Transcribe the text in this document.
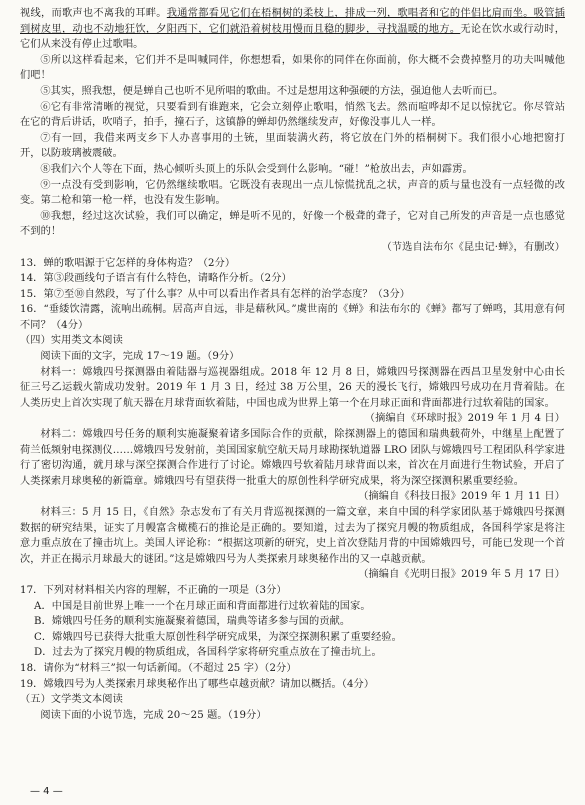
视线，而歌声也不离我的耳畔。我通常都看见它们在梧桐树的柔枝上，排成一列，歌唱者和它的伴侣比肩而坐。吸管插到树皮里，动也不动地狂饮，夕阳西下，它们就沿着树枝用慢而且稳的脚步，寻找温暖的地方。无论在饮水或行动时，它们从来没有停止过歌唱。

⑤所以这样看起来，它们并不是叫喊同伴，你想想看，如果你的同伴在你面前，你大概不会费掉整月的功夫叫喊他们吧！

⑤其实，照我想，便是蝉自己也听不见所唱的歌曲。不过是想用这种强硬的方法，强迫他人去听而已。

⑥它有非常清晰的视觉，只要看到有谁跑来，它会立刻停止歌唱，悄然飞去。然而喧哗却不足以惊扰它。你尽管站在它的背后讲话，吹哨子，拍手，撞石子，这镇静的蝉却仍然继续发声，好像没事儿人一样。

⑦有一回，我借来两支乡下人办喜事用的土铳，里面装满火药，将它放在门外的梧桐树下。我们很小心地把窗打开，以防玻璃被震破。

⑧我们六个人等在下面，热心倾听头顶上的乐队会受到什么影响。“碰！”枪放出去，声如霹雳。

⑨一点没有受到影响，它仍然继续歌唱。它既没有表现出一点儿惊慌扰乱之状，声音的质与量也没有一点轻微的改变。第二枪和第一枪一样，也没有发生影响。

⑩我想，经过这次试验，我们可以确定，蝉是听不见的，好像一个极聋的聋子，它对自己所发的声音是一点也感觉不到的！

（节选自法布尔《昆虫记·蝉》，有删改）

13．蝉的歌唱源于它怎样的身体构造？（2分）

14．第③段画线句子语言有什么特色，请略作分析。（2分）

15．第⑦至⑩自然段，写了什么事？从中可以看出作者具有怎样的治学态度？（3分）

16．“垂緌饮清露，流响出疏桐。居高声自远，非是藉秋风。”虞世南的《蝉》和法布尔的《蝉》都写了蝉鸣，其用意有何不同？（4分）

（四）实用类文本阅读

阅读下面的文字，完成 17～19 题。（9分）

材料一：嫦娥四号探测器由着陆器与巡视器组成。2018 年 12 月 8 日，嫦娥四号探测器在西昌卫星发射中心由长征三号乙运载火箭成功发射。2019 年 1 月 3 日，经过 38 万公里，26 天的漫长飞行，嫦娥四号成功在月背着陆。在人类历史上首次实现了航天器在月球背面软着陆，中国也成为世界上第一个在月球正面和背面都进行过软着陆的国家。

（摘编自《环球时报》2019 年 1 月 4 日）

材料二：嫦娥四号任务的顺利实施凝聚着诸多国际合作的贡献，除探测器上的德国和瑞典载荷外，中继星上配置了荷兰低频射电探测仪……嫦娥四号发射前，美国国家航空航天局月球勘探轨道器 LRO 团队与嫦娥四号工程团队科学家进行了密切沟通，就月球与深空探测合作进行了讨论。嫦娥四号软着陆月球背面以来，首次在月面进行生物试验，开启了人类探索月球奥秘的新篇章。嫦娥四号有望获得一批重大的原创性科学研究成果，将为深空探测积累重要经验。

（摘编自《科技日报》2019 年 1 月 11 日）

材料三：5 月 15 日，《自然》杂志发布了有关月背巡视探测的一篇文章，来自中国的科学家团队基于嫦娥四号探测数据的研究结果，证实了月幔富含橄榄石的推论是正确的。要知道，过去为了探究月幔的物质组成，各国科学家是将注意力重点放在了撞击坑上。美国人评论称：“根据这项新的研究，史上首次登陆月背的中国嫦娥四号，可能已发现一个首次，并正在揭示月球最大的谜团。”这是嫦娥四号为人类探索月球奥秘作出的又一卓越贡献。

（摘编自《光明日报》2019 年 5 月 17 日）

17．下列对材料相关内容的理解，不正确的一项是（3分）

A．中国是目前世界上唯一一个在月球正面和背面都进行过软着陆的国家。

B．嫦娥四号任务的顺利实施凝聚着德国，瑞典等诸多参与国的贡献。

C．嫦娥四号已获得大批重大原创性科学研究成果，为深空探测积累了重要经验。

D．过去为了探究月幔的物质组成，各国科学家将研究重点放在了撞击坑上。

18．请你为“材料三”拟一句话新闻。（不超过 25 字）（2分）

19．嫦娥四号为人类探索月球奥秘作出了哪些卓越贡献？请加以概括。（4分）

（五）文学类文本阅读

阅读下面的小说节选，完成 20～25 题。（19分）

— 4 —
